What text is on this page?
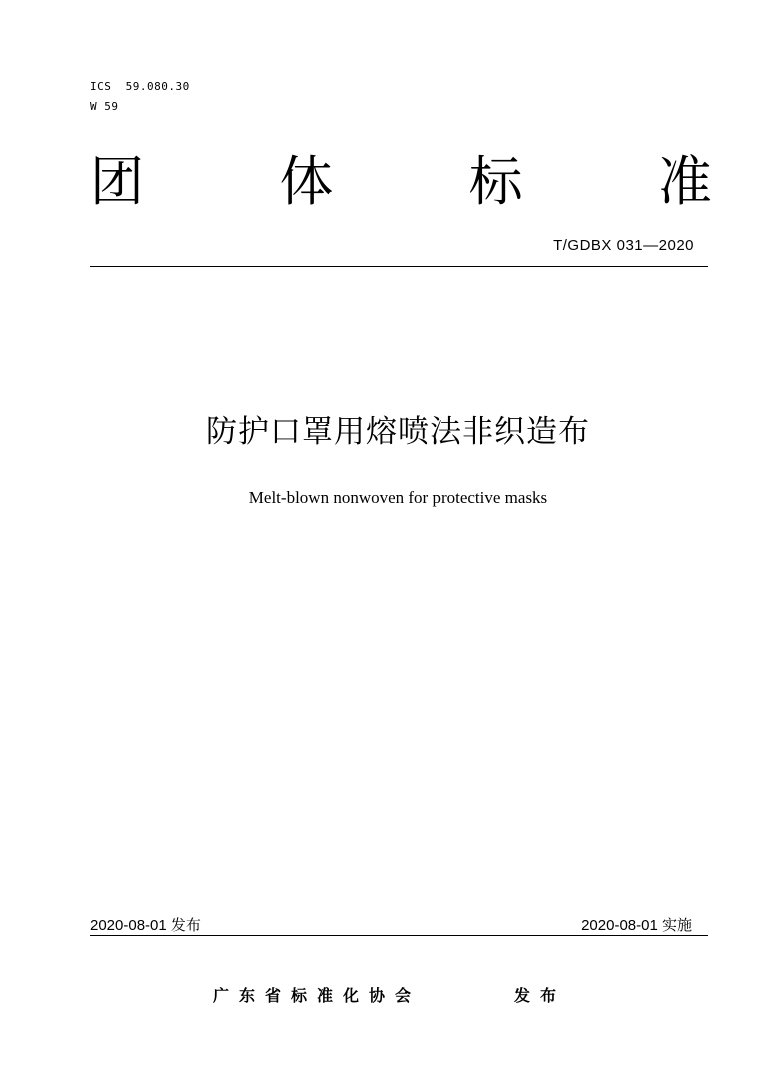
ICS  59.080.30
W 59
团	体	标	准
T/GDBX 031—2020
防护口罩用熔喷法非织造布
Melt-blown nonwoven for protective masks
2020-08-01 发布	2020-08-01 实施
广东省标准化协会	发布
